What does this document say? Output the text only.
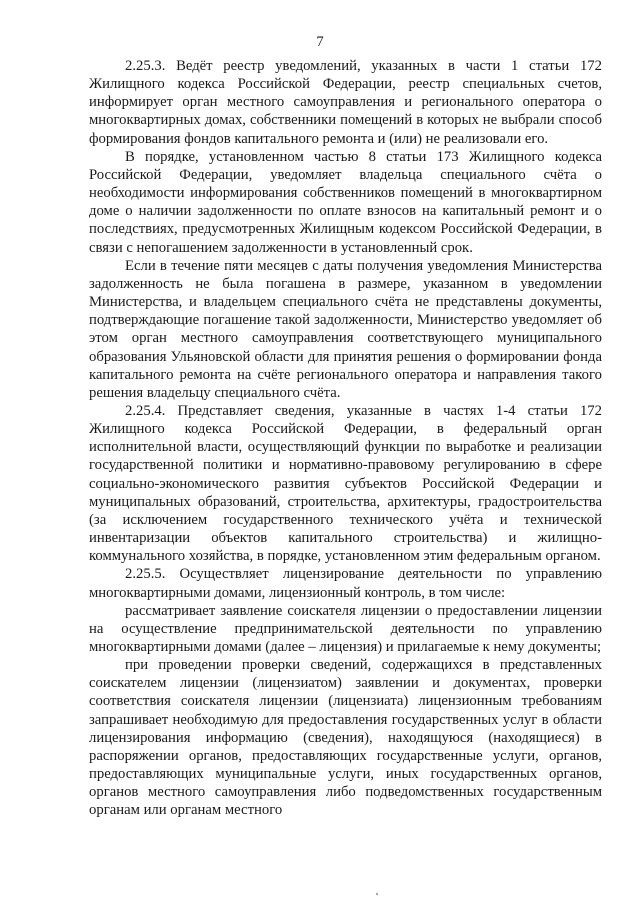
7

2.25.3. Ведёт реестр уведомлений, указанных в части 1 статьи 172 Жилищного кодекса Российской Федерации, реестр специальных счетов, информирует орган местного самоуправления и регионального оператора о многоквартирных домах, собственники помещений в которых не выбрали способ формирования фондов капитального ремонта и (или) не реализовали его.

В порядке, установленном частью 8 статьи 173 Жилищного кодекса Российской Федерации, уведомляет владельца специального счёта о необходимости информирования собственников помещений в многоквартирном доме о наличии задолженности по оплате взносов на капитальный ремонт и о последствиях, предусмотренных Жилищным кодексом Российской Федерации, в связи с непогашением задолженности в установленный срок.

Если в течение пяти месяцев с даты получения уведомления Министерства задолженность не была погашена в размере, указанном в уведомлении Министерства, и владельцем специального счёта не представлены документы, подтверждающие погашение такой задолженности, Министерство уведомляет об этом орган местного самоуправления соответствующего муниципального образования Ульяновской области для принятия решения о формировании фонда капитального ремонта на счёте регионального оператора и направления такого решения владельцу специального счёта.

2.25.4. Представляет сведения, указанные в частях 1-4 статьи 172 Жилищного кодекса Российской Федерации, в федеральный орган исполнительной власти, осуществляющий функции по выработке и реализации государственной политики и нормативно-правовому регулированию в сфере социально-экономического развития субъектов Российской Федерации и муниципальных образований, строительства, архитектуры, градостроительства (за исключением государственного технического учёта и технической инвентаризации объектов капитального строительства) и жилищно-коммунального хозяйства, в порядке, установленном этим федеральным органом.

2.25.5. Осуществляет лицензирование деятельности по управлению многоквартирными домами, лицензионный контроль, в том числе:

рассматривает заявление соискателя лицензии о предоставлении лицензии на осуществление предпринимательской деятельности по управлению многоквартирными домами (далее – лицензия) и прилагаемые к нему документы;

при проведении проверки сведений, содержащихся в представленных соискателем лицензии (лицензиатом) заявлении и документах, проверки соответствия соискателя лицензии (лицензиата) лицензионным требованиям запрашивает необходимую для предоставления государственных услуг в области лицензирования информацию (сведения), находящуюся (находящиеся) в распоряжении органов, предоставляющих государственные услуги, органов, предоставляющих муниципальные услуги, иных государственных органов, органов местного самоуправления либо подведомственных государственным органам или органам местного
